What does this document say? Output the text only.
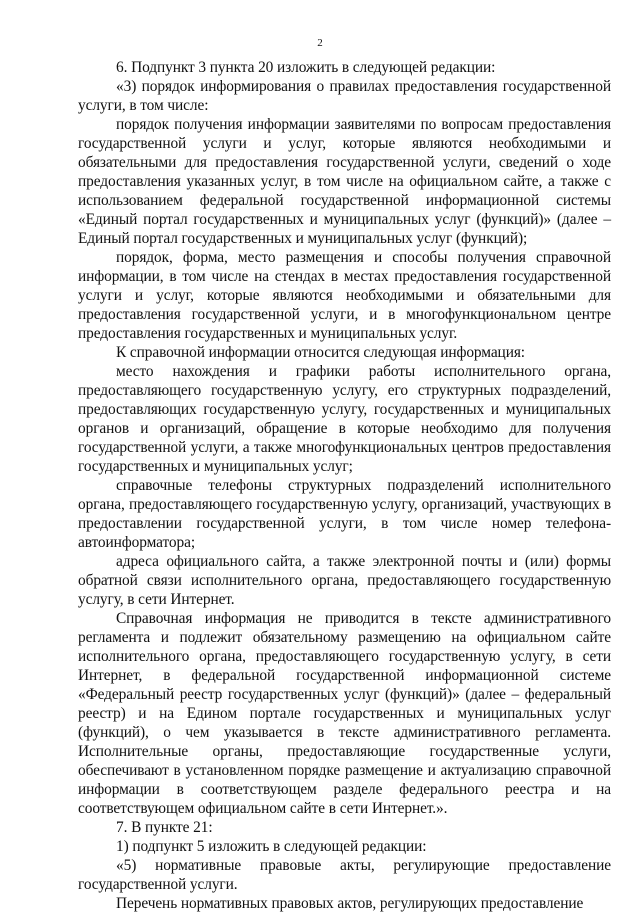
2

6. Подпункт 3 пункта 20 изложить в следующей редакции:

«3) порядок информирования о правилах предоставления государственной услуги, в том числе:

порядок получения информации заявителями по вопросам предоставления государственной услуги и услуг, которые являются необходимыми и обязательными для предоставления государственной услуги, сведений о ходе предоставления указанных услуг, в том числе на официальном сайте, а также с использованием федеральной государственной информационной системы «Единый портал государственных и муниципальных услуг (функций)» (далее – Единый портал государственных и муниципальных услуг (функций);

порядок, форма, место размещения и способы получения справочной информации, в том числе на стендах в местах предоставления государственной услуги и услуг, которые являются необходимыми и обязательными для предоставления государственной услуги, и в многофункциональном центре предоставления государственных и муниципальных услуг.

К справочной информации относится следующая информация:

место нахождения и графики работы исполнительного органа, предоставляющего государственную услугу, его структурных подразделений, предоставляющих государственную услугу, государственных и муниципальных органов и организаций, обращение в которые необходимо для получения государственной услуги, а также многофункциональных центров предоставления государственных и муниципальных услуг;

справочные телефоны структурных подразделений исполнительного органа, предоставляющего государственную услугу, организаций, участвующих в предоставлении государственной услуги, в том числе номер телефона-автоинформатора;

адреса официального сайта, а также электронной почты и (или) формы обратной связи исполнительного органа, предоставляющего государственную услугу, в сети Интернет.

Справочная информация не приводится в тексте административного регламента и подлежит обязательному размещению на официальном сайте исполнительного органа, предоставляющего государственную услугу, в сети Интернет, в федеральной государственной информационной системе «Федеральный реестр государственных услуг (функций)» (далее – федеральный реестр) и на Едином портале государственных и муниципальных услуг (функций), о чем указывается в тексте административного регламента. Исполнительные органы, предоставляющие государственные услуги, обеспечивают в установленном порядке размещение и актуализацию справочной информации в соответствующем разделе федерального реестра и на соответствующем официальном сайте в сети Интернет.».

7. В пункте 21:

1) подпункт 5 изложить в следующей редакции:

«5) нормативные правовые акты, регулирующие предоставление государственной услуги.

Перечень нормативных правовых актов, регулирующих предоставление
